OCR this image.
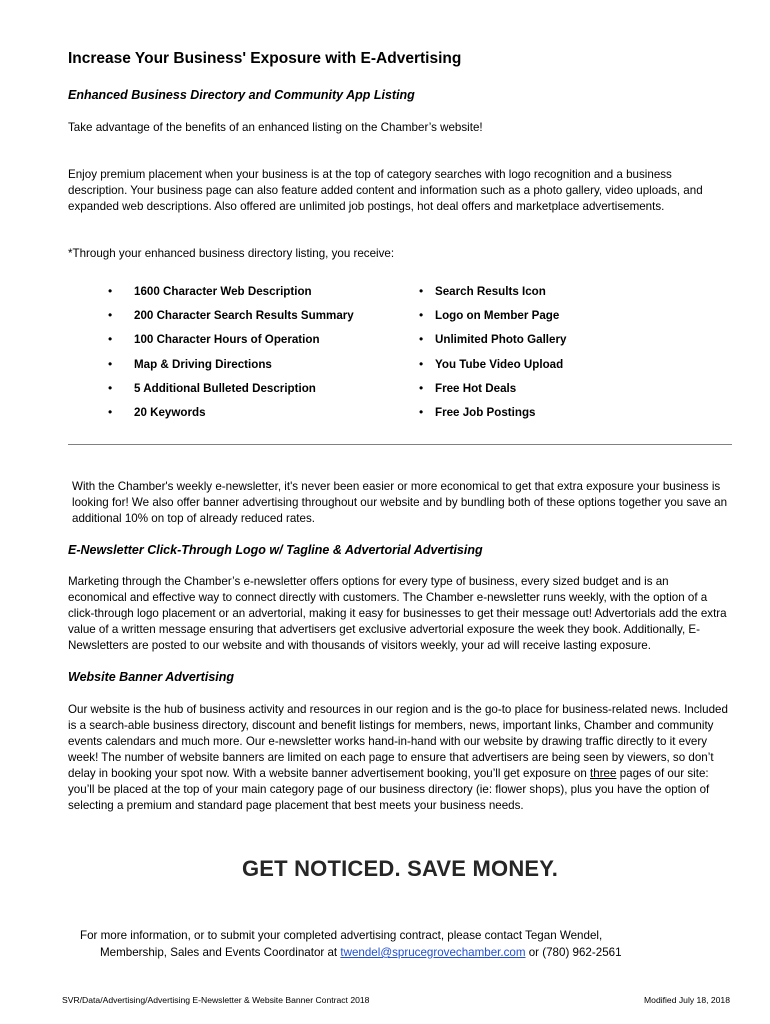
Increase Your Business' Exposure with E-Advertising
Enhanced Business Directory and Community App Listing

Take advantage of the benefits of an enhanced listing on the Chamber’s website!

Enjoy premium placement when your business is at the top of category searches with logo recognition and a business description. Your business page can also feature added content and information such as a photo gallery, video uploads, and expanded web descriptions. Also offered are unlimited job postings, hot deal offers and marketplace advertisements.

*Through your enhanced business directory listing, you receive:

• 1600 Character Web Description
• 200 Character Search Results Summary
• 100 Character Hours of Operation
• Map & Driving Directions
• 5 Additional Bulleted Description
• 20 Keywords
• Search Results Icon
• Logo on Member Page
• Unlimited Photo Gallery
• You Tube Video Upload
• Free Hot Deals
• Free Job Postings

With the Chamber's weekly e-newsletter, it's never been easier or more economical to get that extra exposure your business is looking for! We also offer banner advertising throughout our website and by bundling both of these options together you save an additional 10% on top of already reduced rates.

E-Newsletter Click-Through Logo w/ Tagline & Advertorial Advertising

Marketing through the Chamber’s e-newsletter offers options for every type of business, every sized budget and is an economical and effective way to connect directly with customers. The Chamber e-newsletter runs weekly, with the option of a click-through logo placement or an advertorial, making it easy for businesses to get their message out! Advertorials add the extra value of a written message ensuring that advertisers get exclusive advertorial exposure the week they book. Additionally, E-Newsletters are posted to our website and with thousands of visitors weekly, your ad will receive lasting exposure.

Website Banner Advertising

Our website is the hub of business activity and resources in our region and is the go-to place for business-related news. Included is a search-able business directory, discount and benefit listings for members, news, important links, Chamber and community events calendars and much more. Our e-newsletter works hand-in-hand with our website by drawing traffic directly to it every week! The number of website banners are limited on each page to ensure that advertisers are being seen by viewers, so don’t delay in booking your spot now. With a website banner advertisement booking, you’ll get exposure on three pages of our site: you’ll be placed at the top of your main category page of our business directory (ie: flower shops), plus you have the option of selecting a premium and standard page placement that best meets your business needs.

GET NOTICED. SAVE MONEY.

For more information, or to submit your completed advertising contract, please contact Tegan Wendel,
Membership, Sales and Events Coordinator at twendel@sprucegrovechamber.com or (780) 962-2561

SVR/Data/Advertising/Advertising E-Newsletter & Website Banner Contract 2018	Modified July 18, 2018
